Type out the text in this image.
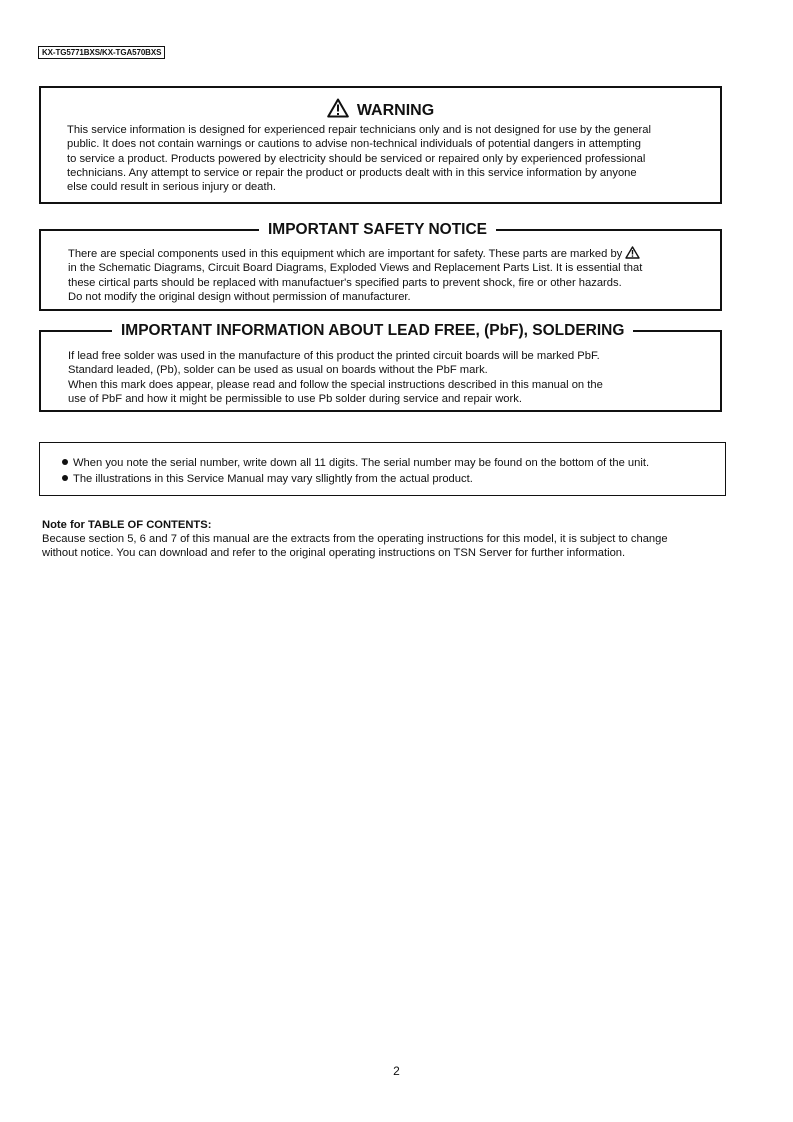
KX-TG5771BXS/KX-TGA570BXS
WARNING

This service information is designed for experienced repair technicians only and is not designed for use by the general

public. It does not contain warnings or cautions to advise non-technical individuals of potential dangers in attempting

to service a product. Products powered by electricity should be serviced or repaired only by experienced professional

technicians. Any attempt to service or repair the product or products dealt with in this service information by anyone

else could result in serious injury or death.

There are special components used in this equipment which are important for safety. These parts are marked by

in the Schematic Diagrams, Circuit Board Diagrams, Exploded Views and Replacement Parts List. It is essential that

these cirtical parts should be replaced with manufactuer's specified parts to prevent shock, fire or other hazards.

Do not modify the original design without permission of manufacturer.

IMPORTANT SAFETY NOTICE

If lead free solder was used in the manufacture of this product the printed circuit boards will be marked PbF.

Standard leaded, (Pb), solder can be used as usual on boards without the PbF mark.

When this mark does appear, please read and follow the special instructions described in this manual on the

use of PbF and how it might be permissible to use Pb solder during service and repair work.

IMPORTANT INFORMATION ABOUT LEAD FREE, (PbF), SOLDERING
When you note the serial number, write down all 11 digits. The serial number may be found on the bottom of the unit.
The illustrations in this Service Manual may vary sllightly from the actual product.

Note for TABLE OF CONTENTS:

Because section 5, 6 and 7 of this manual are the extracts from the operating instructions for this model, it is subject to change

without notice. You can download and refer to the original operating instructions on TSN Server for further information.

2
